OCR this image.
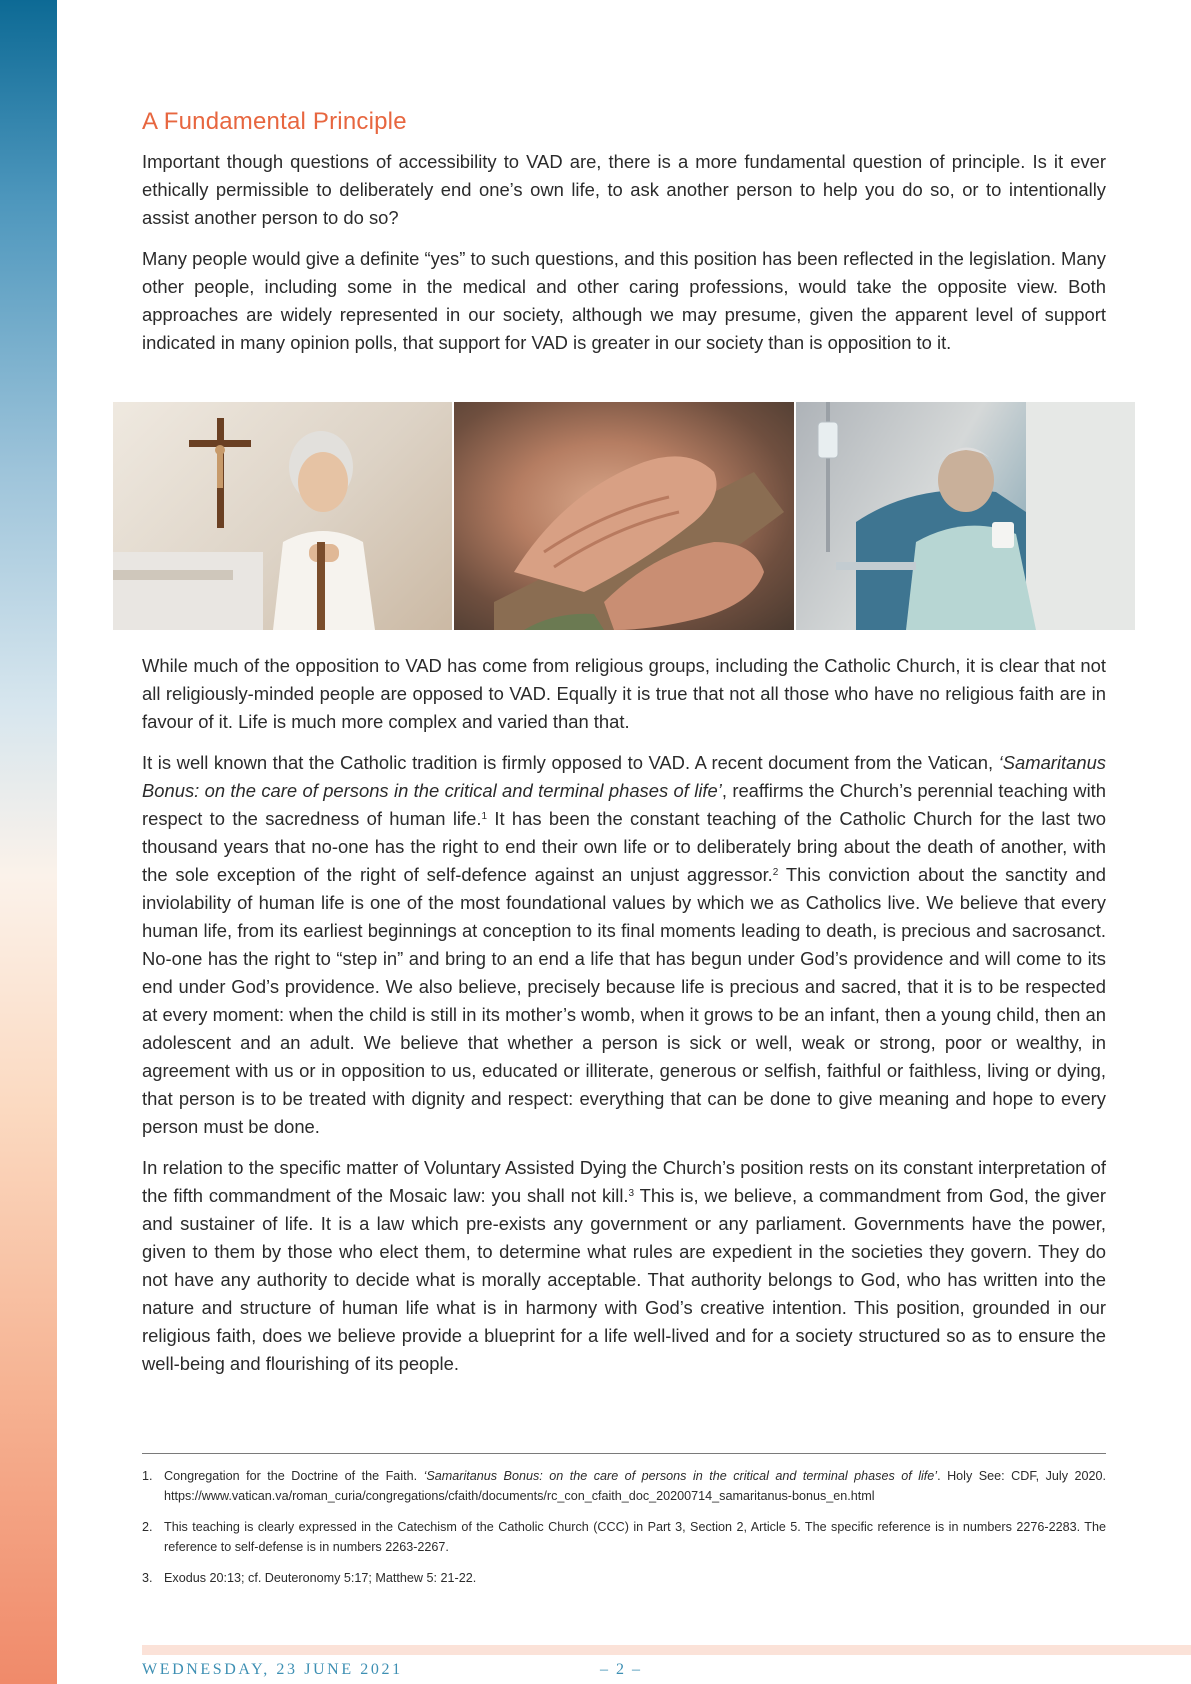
A Fundamental Principle

Important though questions of accessibility to VAD are, there is a more fundamental question of principle. Is it ever ethically permissible to deliberately end one’s own life, to ask another person to help you do so, or to intentionally assist another person to do so?

Many people would give a definite “yes” to such questions, and this position has been reflected in the legislation. Many other people, including some in the medical and other caring professions, would take the opposite view. Both approaches are widely represented in our society, although we may presume, given the apparent level of support indicated in many opinion polls, that support for VAD is greater in our society than is opposition to it.

While much of the opposition to VAD has come from religious groups, including the Catholic Church, it is clear that not all religiously-minded people are opposed to VAD. Equally it is true that not all those who have no religious faith are in favour of it. Life is much more complex and varied than that.

It is well known that the Catholic tradition is firmly opposed to VAD. A recent document from the Vatican, ‘Samaritanus Bonus: on the care of persons in the critical and terminal phases of life’, reaffirms the Church’s perennial teaching with respect to the sacredness of human life.$^1$ It has been the constant teaching of the Catholic Church for the last two thousand years that no-one has the right to end their own life or to deliberately bring about the death of another, with the sole exception of the right of self-defence against an unjust aggressor.$^2$ This conviction about the sanctity and inviolability of human life is one of the most foundational values by which we as Catholics live. We believe that every human life, from its earliest beginnings at conception to its final moments leading to death, is precious and sacrosanct. No-one has the right to “step in” and bring to an end a life that has begun under God’s providence and will come to its end under God’s providence. We also believe, precisely because life is precious and sacred, that it is to be respected at every moment: when the child is still in its mother’s womb, when it grows to be an infant, then a young child, then an adolescent and an adult. We believe that whether a person is sick or well, weak or strong, poor or wealthy, in agreement with us or in opposition to us, educated or illiterate, generous or selfish, faithful or faithless, living or dying, that person is to be treated with dignity and respect: everything that can be done to give meaning and hope to every person must be done.

In relation to the specific matter of Voluntary Assisted Dying the Church’s position rests on its constant interpretation of the fifth commandment of the Mosaic law: you shall not kill.$^3$ This is, we believe, a commandment from God, the giver and sustainer of life. It is a law which pre-exists any government or any parliament. Governments have the power, given to them by those who elect them, to determine what rules are expedient in the societies they govern. They do not have any authority to decide what is morally acceptable. That authority belongs to God, who has written into the nature and structure of human life what is in harmony with God’s creative intention. This position, grounded in our religious faith, does we believe provide a blueprint for a life well-lived and for a society structured so as to ensure the well-being and flourishing of its people.

1. Congregation for the Doctrine of the Faith. ‘Samaritanus Bonus: on the care of persons in the critical and terminal phases of life’. Holy See: CDF, July 2020. https://www.vatican.va/roman_curia/congregations/cfaith/documents/rc_con_cfaith_doc_20200714_samaritanus-bonus_en.html
2. This teaching is clearly expressed in the Catechism of the Catholic Church (CCC) in Part 3, Section 2, Article 5. The specific reference is in numbers 2276-2283. The reference to self-defense is in numbers 2263-2267.
3. Exodus 20:13; cf. Deuteronomy 5:17; Matthew 5: 21-22.
WEDNESDAY, 23 JUNE 2021	– 2 –
